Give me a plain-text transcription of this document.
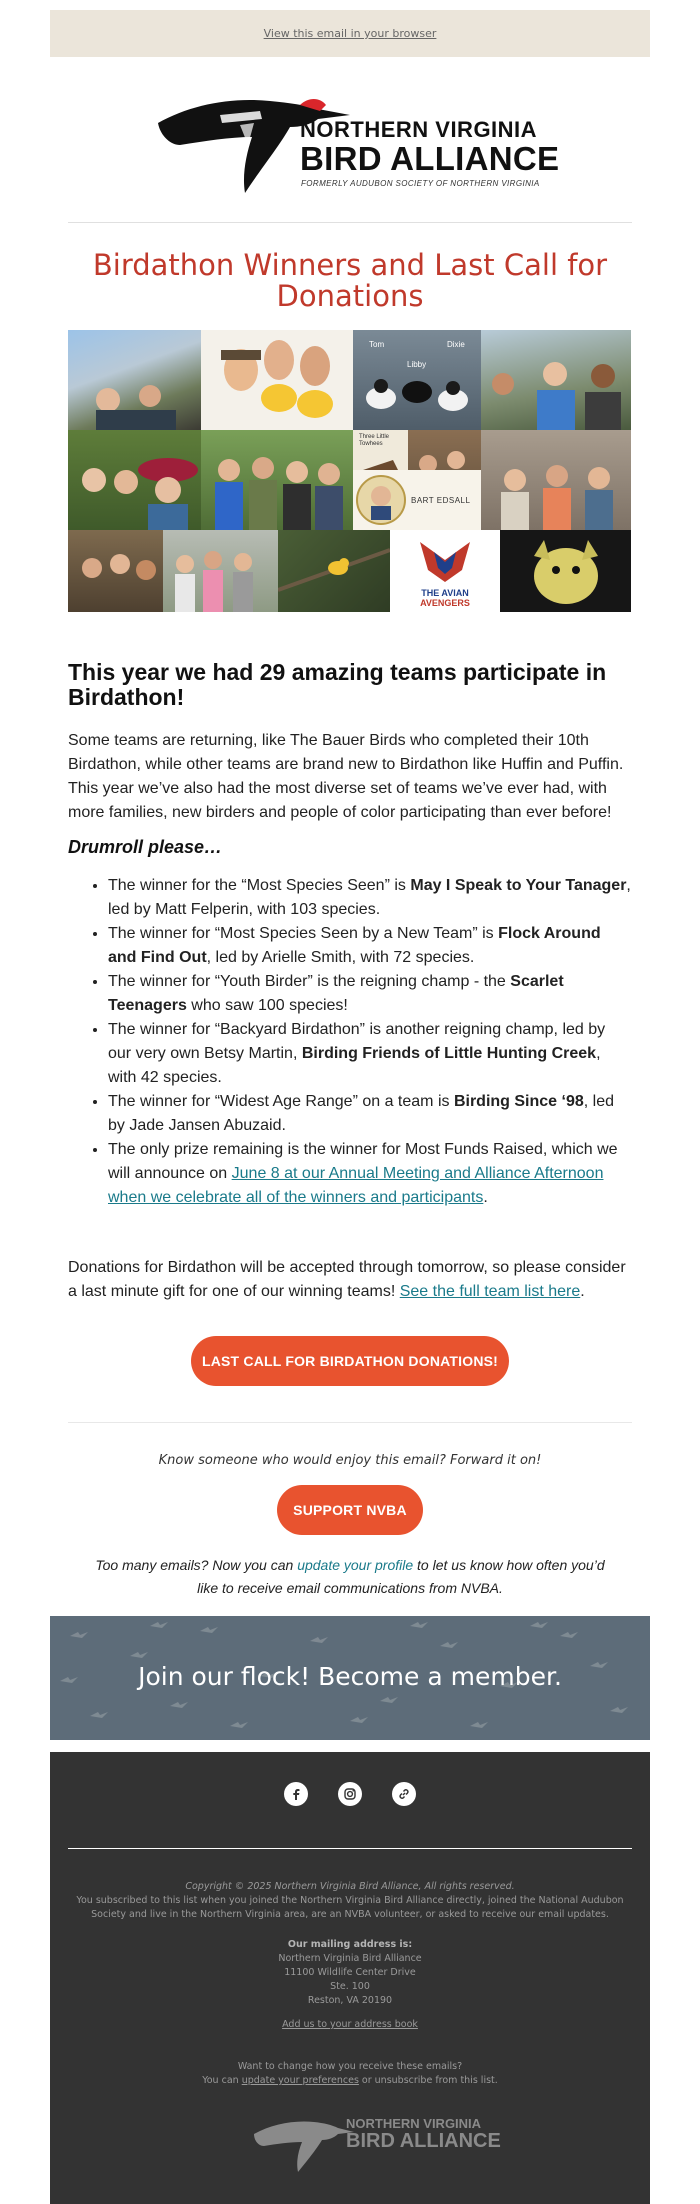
View this email in your browser
NORTHERN VIRGINIA
BIRD ALLIANCE
FORMERLY AUDUBON SOCIETY OF NORTHERN VIRGINIA
Birdathon Winners and Last Call for Donations
Tom
Libby
Dixie
Three Little Towhees
BART EDSALL
THE AVIAN
AVENGERS
This year we had 29 amazing teams participate in Birdathon!

Some teams are returning, like The Bauer Birds who completed their 10th Birdathon, while other teams are brand new to Birdathon like Huffin and Puffin. This year we’ve also had the most diverse set of teams we’ve ever had, with more families, new birders and people of color participating than ever before!

Drumroll please…

• The winner for the “Most Species Seen” is May I Speak to Your Tanager, led by Matt Felperin, with 103 species.
• The winner for “Most Species Seen by a New Team” is Flock Around and Find Out, led by Arielle Smith, with 72 species.
• The winner for “Youth Birder” is the reigning champ - the Scarlet Teenagers who saw 100 species!
• The winner for “Backyard Birdathon” is another reigning champ, led by our very own Betsy Martin, Birding Friends of Little Hunting Creek, with 42 species.
• The winner for “Widest Age Range” on a team is Birding Since ‘98, led by Jade Jansen Abuzaid.
• The only prize remaining is the winner for Most Funds Raised, which we will announce on June 8 at our Annual Meeting and Alliance Afternoon when we celebrate all of the winners and participants.

Donations for Birdathon will be accepted through tomorrow, so please consider a last minute gift for one of our winning teams! See the full team list here.

LAST CALL FOR BIRDATHON DONATIONS!

Know someone who would enjoy this email? Forward it on!

SUPPORT NVBA

Too many emails? Now you can update your profile to let us know how often you’d like to receive email communications from NVBA.

Join our flock! Become a member.
Copyright © 2025 Northern Virginia Bird Alliance, All rights reserved.
You subscribed to this list when you joined the Northern Virginia Bird Alliance directly, joined the National Audubon Society and live in the Northern Virginia area, are an NVBA volunteer, or asked to receive our email updates.
Our mailing address is:
Northern Virginia Bird Alliance
11100 Wildlife Center Drive
Ste. 100
Reston, VA 20190
Add us to your address book
Want to change how you receive these emails?
You can update your preferences or unsubscribe from this list.
NORTHERN VIRGINIA
BIRD ALLIANCE
